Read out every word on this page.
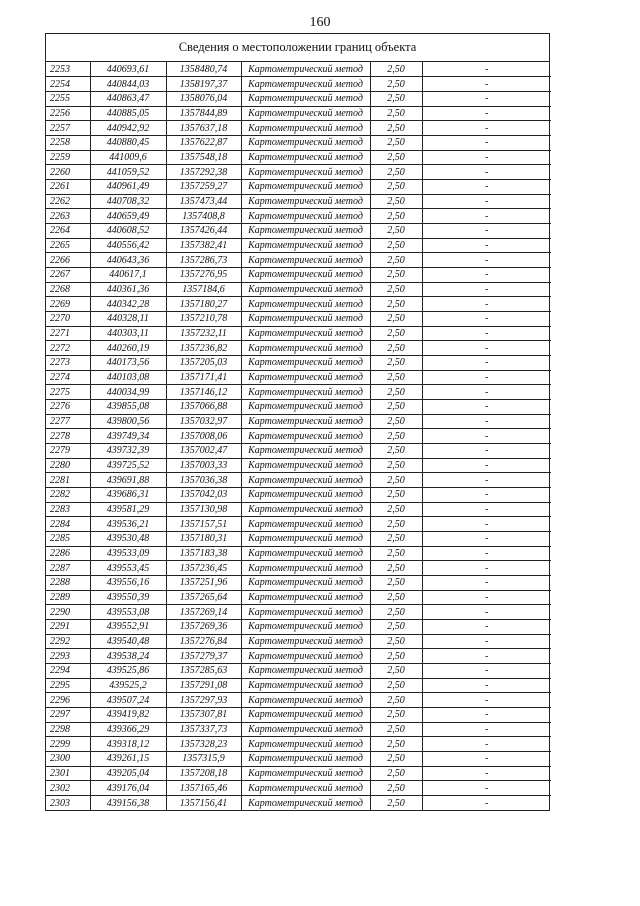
160
Сведения о местоположении границ объекта
2253	440693,61	1358480,74	Картометрический метод	2,50	-
2254	440844,03	1358197,37	Картометрический метод	2,50	-
2255	440863,47	1358076,04	Картометрический метод	2,50	-
2256	440885,05	1357844,89	Картометрический метод	2,50	-
2257	440942,92	1357637,18	Картометрический метод	2,50	-
2258	440880,45	1357622,87	Картометрический метод	2,50	-
2259	441009,6	1357548,18	Картометрический метод	2,50	-
2260	441059,52	1357292,38	Картометрический метод	2,50	-
2261	440961,49	1357259,27	Картометрический метод	2,50	-
2262	440708,32	1357473,44	Картометрический метод	2,50	-
2263	440659,49	1357408,8	Картометрический метод	2,50	-
2264	440608,52	1357426,44	Картометрический метод	2,50	-
2265	440556,42	1357382,41	Картометрический метод	2,50	-
2266	440643,36	1357286,73	Картометрический метод	2,50	-
2267	440617,1	1357276,95	Картометрический метод	2,50	-
2268	440361,36	1357184,6	Картометрический метод	2,50	-
2269	440342,28	1357180,27	Картометрический метод	2,50	-
2270	440328,11	1357210,78	Картометрический метод	2,50	-
2271	440303,11	1357232,11	Картометрический метод	2,50	-
2272	440260,19	1357236,82	Картометрический метод	2,50	-
2273	440173,56	1357205,03	Картометрический метод	2,50	-
2274	440103,08	1357171,41	Картометрический метод	2,50	-
2275	440034,99	1357146,12	Картометрический метод	2,50	-
2276	439855,08	1357066,88	Картометрический метод	2,50	-
2277	439800,56	1357032,97	Картометрический метод	2,50	-
2278	439749,34	1357008,06	Картометрический метод	2,50	-
2279	439732,39	1357002,47	Картометрический метод	2,50	-
2280	439725,52	1357003,33	Картометрический метод	2,50	-
2281	439691,88	1357036,38	Картометрический метод	2,50	-
2282	439686,31	1357042,03	Картометрический метод	2,50	-
2283	439581,29	1357130,98	Картометрический метод	2,50	-
2284	439536,21	1357157,51	Картометрический метод	2,50	-
2285	439530,48	1357180,31	Картометрический метод	2,50	-
2286	439533,09	1357183,38	Картометрический метод	2,50	-
2287	439553,45	1357236,45	Картометрический метод	2,50	-
2288	439556,16	1357251,96	Картометрический метод	2,50	-
2289	439550,39	1357265,64	Картометрический метод	2,50	-
2290	439553,08	1357269,14	Картометрический метод	2,50	-
2291	439552,91	1357269,36	Картометрический метод	2,50	-
2292	439540,48	1357276,84	Картометрический метод	2,50	-
2293	439538,24	1357279,37	Картометрический метод	2,50	-
2294	439525,86	1357285,63	Картометрический метод	2,50	-
2295	439525,2	1357291,08	Картометрический метод	2,50	-
2296	439507,24	1357297,93	Картометрический метод	2,50	-
2297	439419,82	1357307,81	Картометрический метод	2,50	-
2298	439366,29	1357337,73	Картометрический метод	2,50	-
2299	439318,12	1357328,23	Картометрический метод	2,50	-
2300	439261,15	1357315,9	Картометрический метод	2,50	-
2301	439205,04	1357208,18	Картометрический метод	2,50	-
2302	439176,04	1357165,46	Картометрический метод	2,50	-
2303	439156,38	1357156,41	Картометрический метод	2,50	-
